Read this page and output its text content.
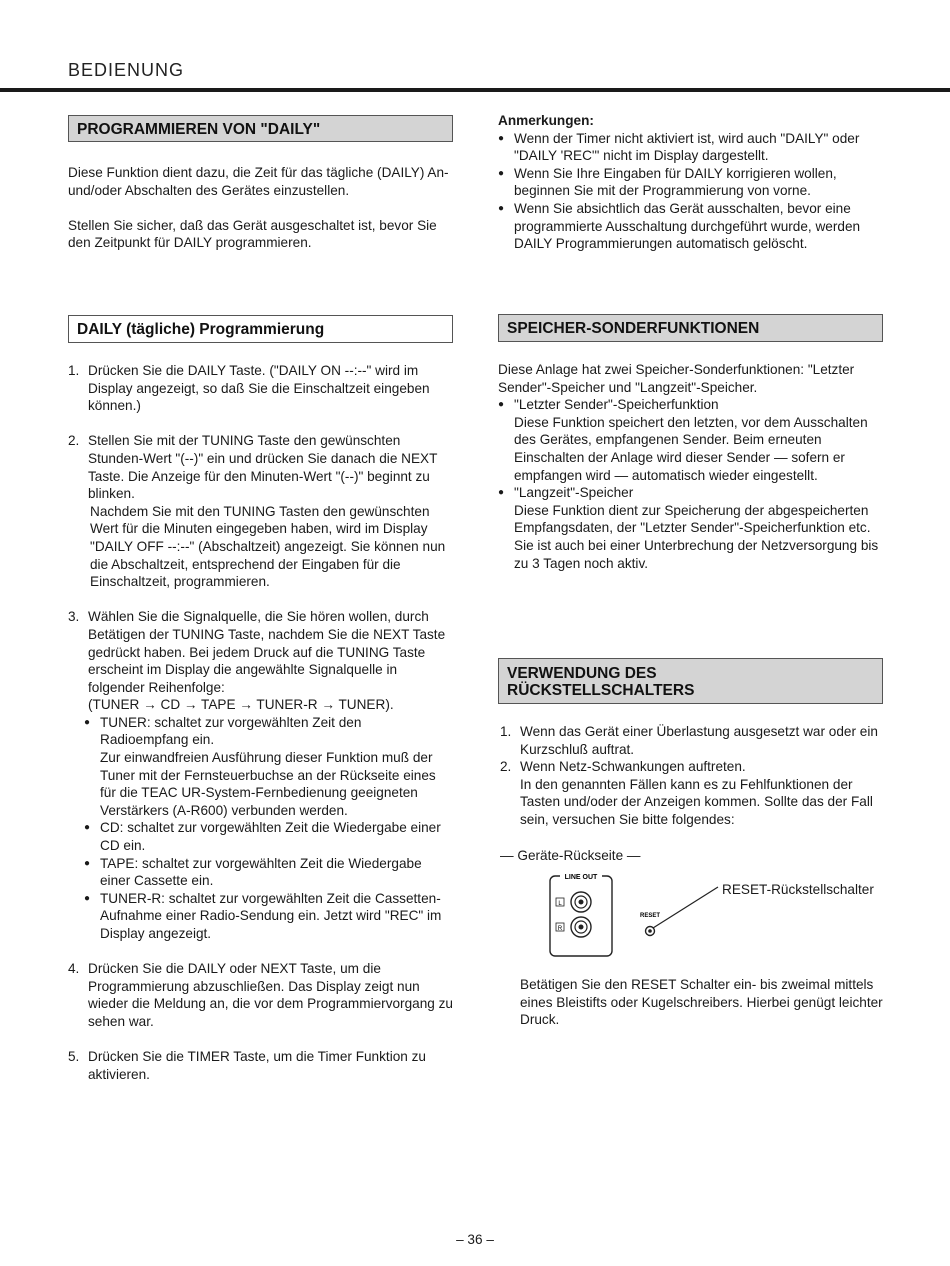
BEDIENUNG
PROGRAMMIEREN VON "DAILY"

Diese Funktion dient dazu, die Zeit für das tägliche (DAILY) An- und/oder Abschalten des Gerätes einzustellen.

Stellen Sie sicher, daß das Gerät ausgeschaltet ist, bevor Sie den Zeitpunkt für DAILY programmieren.

DAILY (tägliche) Programmierung
1. Drücken Sie die DAILY Taste. ("DAILY ON --:--" wird im Display angezeigt, so daß Sie die Einschaltzeit eingeben können.)

2. Stellen Sie mit der TUNING Taste den gewünschten Stunden-Wert "(--)" ein und drücken Sie danach die NEXT Taste. Die Anzeige für den Minuten-Wert "(--)" beginnt zu blinken.

Nachdem Sie mit den TUNING Tasten den gewünschten Wert für die Minuten eingegeben haben, wird im Display "DAILY OFF --:--" (Abschaltzeit) angezeigt. Sie können nun die Abschaltzeit, entsprechend der Eingaben für die Einschaltzeit, programmieren.

3. Wählen Sie die Signalquelle, die Sie hören wollen, durch Betätigen der TUNING Taste, nachdem Sie die NEXT Taste gedrückt haben. Bei jedem Druck auf die TUNING Taste erscheint im Display die angewählte Signalquelle in folgender Reihenfolge:

(TUNER → CD → TAPE → TUNER-R → TUNER).

● TUNER: schaltet zur vorgewählten Zeit den Radioempfang ein.

Zur einwandfreien Ausführung dieser Funktion muß der Tuner mit der Fernsteuerbuchse an der Rückseite eines für die TEAC UR-System-Fernbedienung geeigneten Verstärkers (A-R600) verbunden werden.

● CD: schaltet zur vorgewählten Zeit die Wiedergabe einer CD ein.

● TAPE: schaltet zur vorgewählten Zeit die Wiedergabe einer Cassette ein.

● TUNER-R: schaltet zur vorgewählten Zeit die Cassetten-Aufnahme einer Radio-Sendung ein. Jetzt wird "REC" im Display angezeigt.

4. Drücken Sie die DAILY oder NEXT Taste, um die Programmierung abzuschließen. Das Display zeigt nun wieder die Meldung an, die vor dem Programmiervorgang zu sehen war.

5. Drücken Sie die TIMER Taste, um die Timer Funktion zu aktivieren.

Anmerkungen:

● Wenn der Timer nicht aktiviert ist, wird auch "DAILY" oder "DAILY 'REC'" nicht im Display dargestellt.

● Wenn Sie Ihre Eingaben für DAILY korrigieren wollen, beginnen Sie mit der Programmierung von vorne.

● Wenn Sie absichtlich das Gerät ausschalten, bevor eine programmierte Ausschaltung durchgeführt wurde, werden DAILY Programmierungen automatisch gelöscht.

SPEICHER-SONDERFUNKTIONEN

Diese Anlage hat zwei Speicher-Sonderfunktionen: "Letzter Sender"-Speicher und "Langzeit"-Speicher.

● "Letzter Sender"-Speicherfunktion

Diese Funktion speichert den letzten, vor dem Ausschalten des Gerätes, empfangenen Sender. Beim erneuten Einschalten der Anlage wird dieser Sender — sofern er empfangen wird — automatisch wieder eingestellt.

● "Langzeit"-Speicher

Diese Funktion dient zur Speicherung der abgespeicherten Empfangsdaten, der "Letzter Sender"-Speicherfunktion etc. Sie ist auch bei einer Unterbrechung der Netzversorgung bis zu 3 Tagen noch aktiv.

VERWENDUNG DES
RÜCKSTELLSCHALTERS
1. Wenn das Gerät einer Überlastung ausgesetzt war oder ein Kurzschluß auftrat.

2. Wenn Netz-Schwankungen auftreten.

In den genannten Fällen kann es zu Fehlfunktionen der Tasten und/oder der Anzeigen kommen. Sollte das der Fall sein, versuchen Sie bitte folgendes:

— Geräte-Rückseite —
LINE OUT
L
R
RESET
RESET-Rückstellschalter

Betätigen Sie den RESET Schalter ein- bis zweimal mittels eines Bleistifts oder Kugelschreibers. Hierbei genügt leichter Druck.

– 36 –
